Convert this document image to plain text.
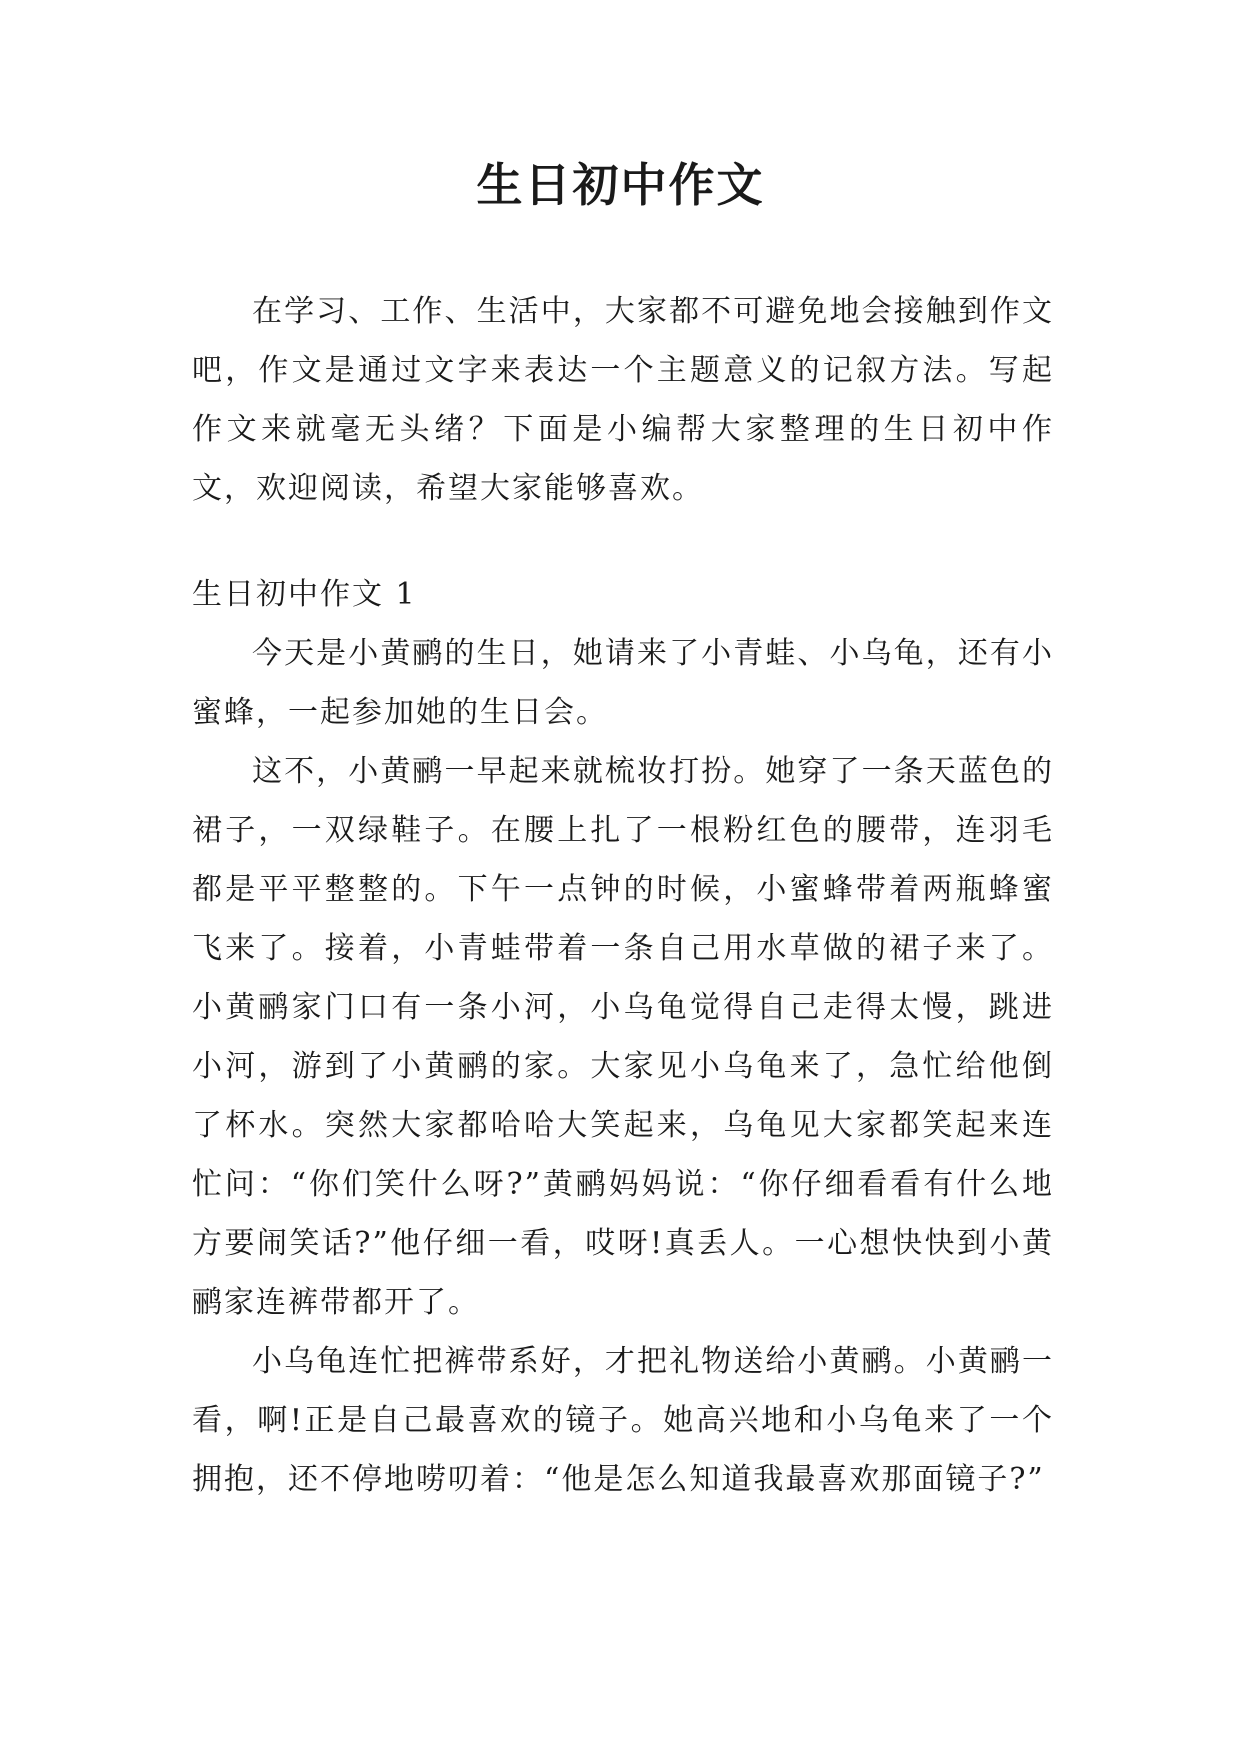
生日初中作文

在学习、工作、生活中，大家都不可避免地会接触到作文吧，作文是通过文字来表达一个主题意义的记叙方法。写起作文来就毫无头绪？下面是小编帮大家整理的生日初中作文，欢迎阅读，希望大家能够喜欢。

生日初中作文 1

今天是小黄鹂的生日，她请来了小青蛙、小乌龟，还有小蜜蜂，一起参加她的生日会。

这不，小黄鹂一早起来就梳妆打扮。她穿了一条天蓝色的裙子，一双绿鞋子。在腰上扎了一根粉红色的腰带，连羽毛都是平平整整的。下午一点钟的时候，小蜜蜂带着两瓶蜂蜜飞来了。接着，小青蛙带着一条自己用水草做的裙子来了。小黄鹂家门口有一条小河，小乌龟觉得自己走得太慢，跳进小河，游到了小黄鹂的家。大家见小乌龟来了，急忙给他倒了杯水。突然大家都哈哈大笑起来，乌龟见大家都笑起来连忙问：“你们笑什么呀?”黄鹂妈妈说：“你仔细看看有什么地方要闹笑话?”他仔细一看，哎呀!真丢人。一心想快快到小黄鹂家连裤带都开了。

小乌龟连忙把裤带系好，才把礼物送给小黄鹂。小黄鹂一看，啊!正是自己最喜欢的镜子。她高兴地和小乌龟来了一个拥抱，还不停地唠叨着：“他是怎么知道我最喜欢那面镜子?”
